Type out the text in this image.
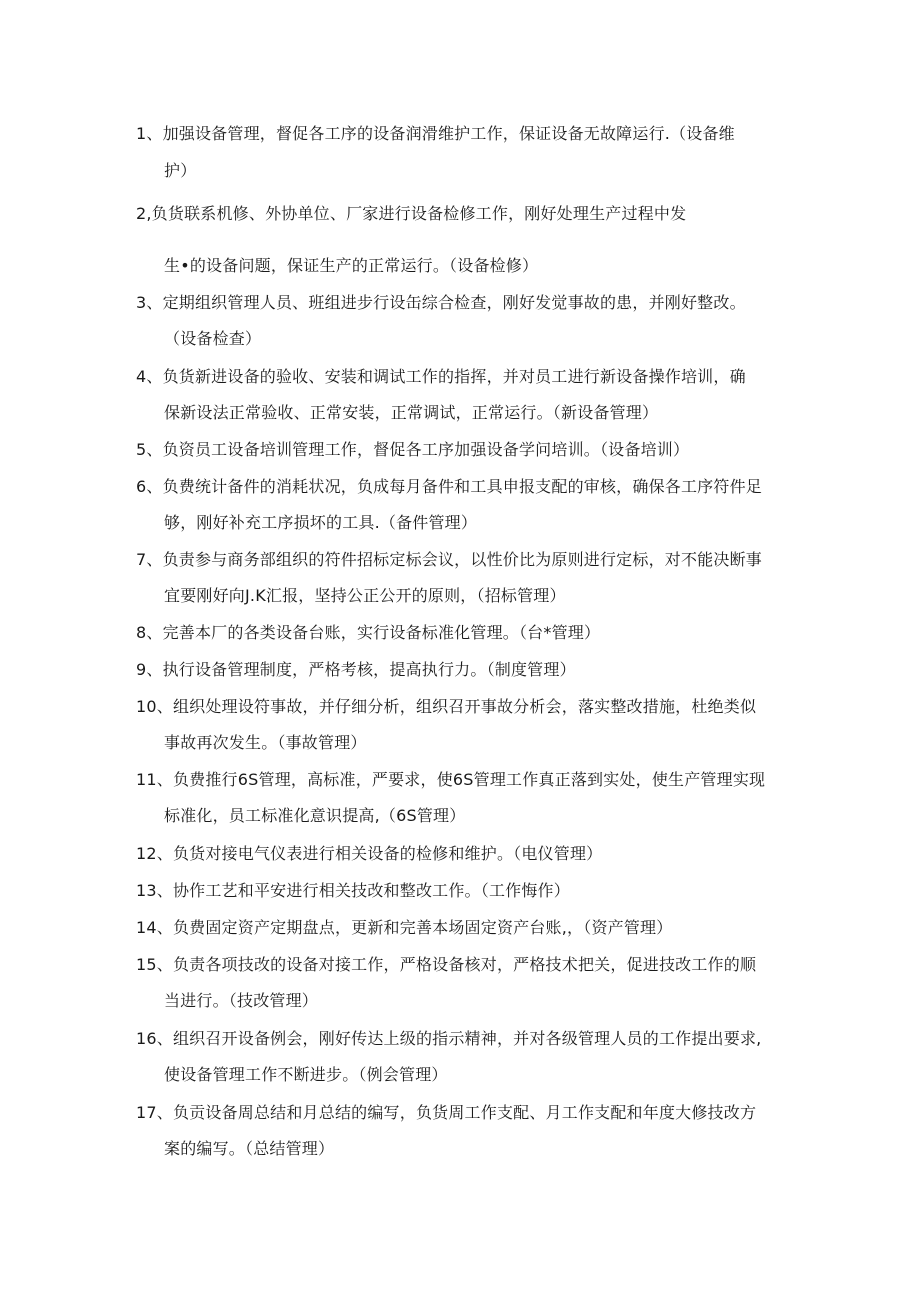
1、加强设备管理，督促各工序的设备润滑维护工作，保证设备无故障运行.（设备维
护）
2,负货联系机修、外协单位、厂家进行设备检修工作，刚好处理生产过程中发
生•的设备问题，保证生产的正常运行。（设备检修）
3、定期组织管理人员、班组进步行设缶综合检查，刚好发觉事故的患，并刚好整改。
（设备检查）
4、负货新进设备的验收、安装和调试工作的指挥，并对员工进行新设备操作培训，确
保新设法正常验收、正常安装，正常调试，正常运行。（新设备管理）
5、负资员工设备培训管理工作，督促各工序加强设备学问培训。（设备培训）
6、负费统计备件的消耗状况，负成每月备件和工具申报支配的审核，确保各工序符件足
够，刚好补充工序损坏的工具.（备件管理）
7、负责参与商务部组织的符件招标定标会议，以性价比为原则进行定标，对不能决断事
宜要刚好向J.K汇报，坚持公正公开的原则，（招标管理）
8、完善本厂的各类设备台账，实行设备标准化管理。（台*管理）
9、执行设备管理制度，严格考核，提高执行力。（制度管理）
10、组织处理设符事故，并仔细分析，组织召开事故分析会，落实整改措施，杜绝类似
事故再次发生。（事故管理）
11、负费推行6S管理，高标准，严要求，使6S管理工作真正落到实处，使生产管理实现
标准化，员工标准化意识提高,（6S管理）
12、负货对接电气仪表进行相关设备的检修和维护。（电仪管理）
13、协作工艺和平安进行相关技改和整改工作。（工作悔作）
14、负费固定资产定期盘点，更新和完善本场固定资产台账,，（资产管理）
15、负责各项技改的设备对接工作，严格设备核对，严格技术把关，促进技改工作的顺
当进行。（技改管理）
16、组织召开设备例会，刚好传达上级的指示精神，并对各级管理人员的工作提出要求,
使设备管理工作不断进步。（例会管理）
17、负贡设备周总结和月总结的编写，负货周工作支配、月工作支配和年度大修技改方
案的编写。（总结管理）
